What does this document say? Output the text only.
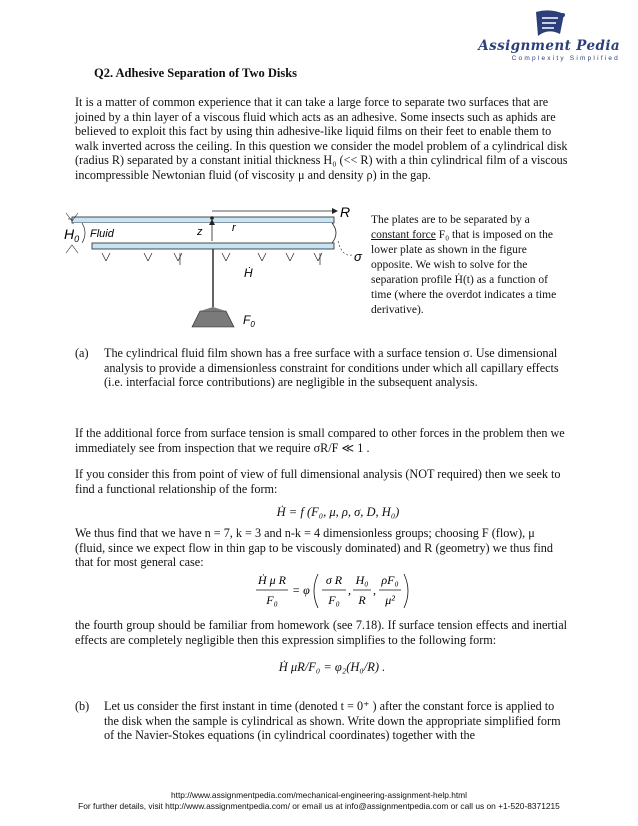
Assignment Pedia
Complexity Simplified
Q2. Adhesive Separation of Two Disks

It is a matter of common experience that it can take a large force to separate two surfaces that are joined by a thin layer of a viscous fluid which acts as an adhesive. Some insects such as aphids are believed to exploit this fact by using thin adhesive-like liquid films on their feet to enable them to walk inverted across the ceiling. In this question we consider the model problem of a cylindrical disk (radius R) separated by a constant initial thickness H₀ (<< R) with a thin cylindrical film of a viscous incompressible Newtonian fluid (of viscosity μ and density ρ) in the gap.

R
$H_0$ Fluid	z	r
Ḣ
$F_0$
σ

The plates are to be separated by a constant force F₀ that is imposed on the lower plate as shown in the figure opposite. We wish to solve for the separation profile Ḣ(t) as a function of time (where the overdot indicates a time derivative).

(a) The cylindrical fluid film shown has a free surface with a surface tension σ. Use dimensional analysis to provide a dimensionless constraint for conditions under which all capillary effects (i.e. interfacial force contributions) are negligible in the subsequent analysis.

If the additional force from surface tension is small compared to other forces in the problem then we immediately see from inspection that we require σR/F ≪ 1 .

If you consider this from point of view of full dimensional analysis (NOT required) then we seek to find a functional relationship of the form:

Ḣ = f (F₀, μ, ρ, σ, D, H₀)

We thus find that we have n = 7, k = 3 and n-k = 4 dimensionless groups; choosing F (flow), μ (fluid, since we expect flow in thin gap to be viscously dominated) and R (geometry) we thus find that for most general case:

Ḣ μ R
F₀
= φ
σ R
F₀
,
H₀
R
,
ρF₀
μ²

the fourth group should be familiar from homework (see 7.18). If surface tension effects and inertial effects are completely negligible then this expression simplifies to the following form:

Ḣ μR/F₀ = φ₂(H₀/R) .
(b) Let us consider the first instant in time (denoted t = 0⁺ ) after the constant force is applied to the disk when the sample is cylindrical as shown. Write down the appropriate simplified form of the Navier-Stokes equations (in cylindrical coordinates) together with the

http://www.assignmentpedia.com/mechanical-engineering-assignment-help.html
For further details, visit http://www.assignmentpedia.com/ or email us at info@assignmentpedia.com or call us on +1-520-8371215
